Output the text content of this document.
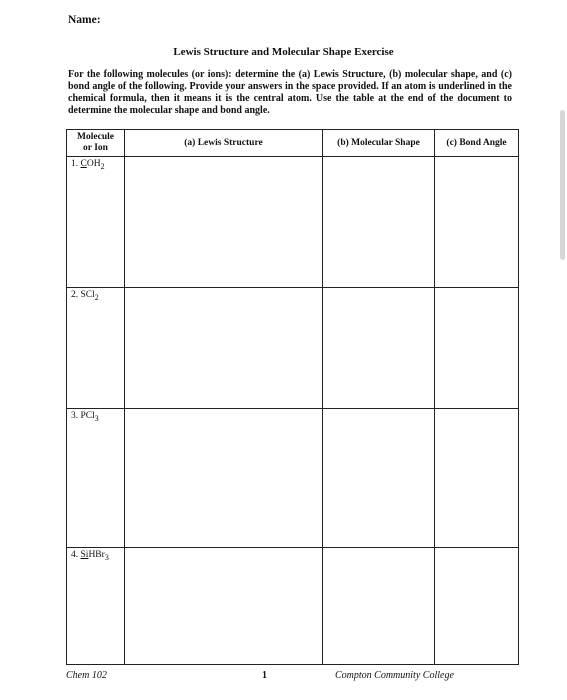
Name:
Lewis Structure and Molecular Shape Exercise
For the following molecules (or ions): determine the (a) Lewis Structure, (b) molecular shape, and (c) bond angle of the following. Provide your answers in the space provided. If an atom is underlined in the chemical formula, then it means it is the central atom. Use the table at the end of the document to determine the molecular shape and bond angle.
Molecule
or Ion	(a) Lewis Structure	(b) Molecular Shape	(c) Bond Angle
1. $COH_2$			
2. SCl$_2$			
3. PCl$_3$			
4. SiHBr$_3$			
Chem 102	1	Compton Community College
